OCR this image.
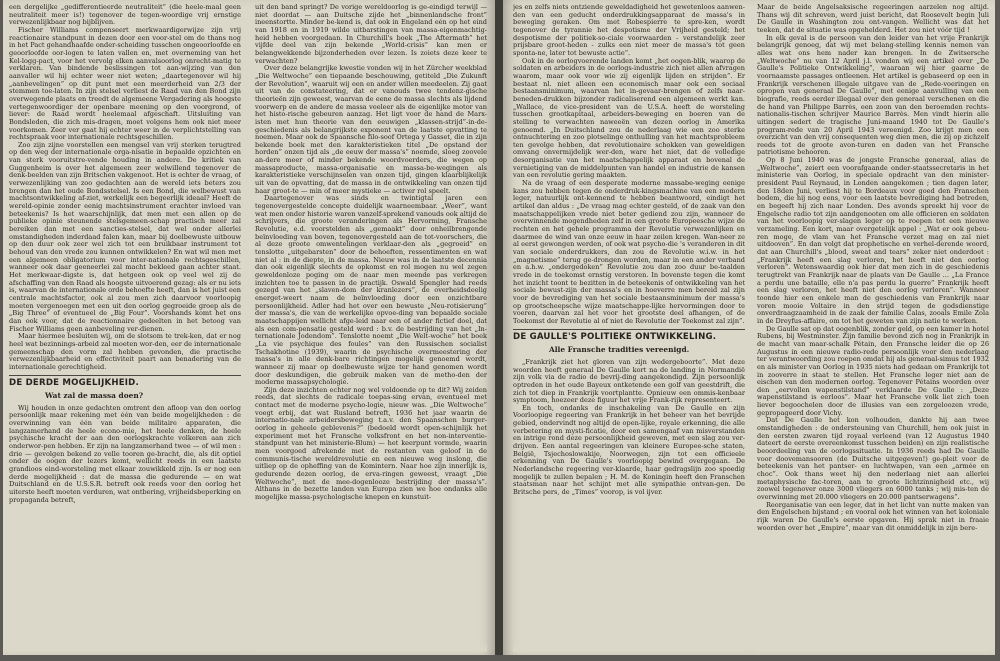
een dergelijke „gedifferentieerde neutraliteit” (die heele-maal geen neutraliteit meer is!) tegenover de tegen-woordige vrij ernstige verwezenlijkbaar nog bijblijven.

Fischer Williams compenseert merkwaardigerwijze zijn vrij reactionaire standpunt in dezen door een voor-stel om de thans nog in het Pact gehandhaafde onder-scheiding tusschen ongeoorloofde en geoorloofde oor-logen te laten vallen en, met overneming van het Kel-logg-pact, voor het vervolg elken aanvalsoorlog onrecht-matig te verklaren. Van bindende beslissingen tot aan-wijzing van den aanvaller wil hij echter weer niet weten; „daartegenover wil hij „aanbevelingen” op dit punt met een meerderheid van 2/3 der stemmen toe-laten. In zijn stelsel verliest de Raad van den Bond zijn overwegende plaats en treedt de algemeene Vergadering als hoogste vertegenwoordiger der openbare meening op den voorgrond, of liever: de Raad wordt heelemaal afgeschaft. Uitsluiting van Bondsleden, die zich mis-dragen, moet volgens hem ook niet meer voorkomen. Zeer ver gaat hij echter weer in de verplichtstelling van rechtspraak voor internationale rechtsgeschillen.

Zoo zijn zijne voorstellen een mengsel van vrij sterken terugtred op den weg der internationale orga-nisatie in bepaalde opzichten en van sterk vooruitstre-vende houding in andere. De kritiek van Guggenheim is over het algemeen zeer welwillend tegenover de denk-beelden van zijn Britschen vakgenoot. Het is echter de vraag, of verwezenlijking van zoo gedachten aan de wereld iets beters zou brengen dan het oude Bondsstelsel. Is een Bond, die welbewust van machtsontwikkeling af-ziet, werkelijk een begeerlijk ideaal? Heeft de wereld-opinie zonder eenig machtsinstrument erachter invloed van beteekenis? Is het waarschijnlijk, dat men met een allen op de publieke opinie steunende stelsgemeen-schap practisch meer zal bereiken dan met een sancties-stelsel, dat wel onder allerlei omstandigheden inderdaad falen kan, maar bij doelbewuste uitbouw op den duur ook zeer wel zich tot een bruikbaar instrument tot behoud van den vrede zou kunnen ontwikkelen? En wat wil men met een algemeen obligatorium voor inter-nationale rechtsgeschillen, wanneer ook daar geeneerlei zal macht bekleed gaan achter staat. Het merkwaar-digste is, dat hetgeen ook op veel wel zij de afschaffing van den Raad als hoogste uitvoerend gezag: als er nu iets is, waarvan de internationale orde behoefte heeft, dan is het juist een centrale machtsfactor, ook al zou men zich daarvoor voorloopig moeten vergenoegen met een uit den oorlog gegroeide groep als de „Big Three” of eventueel de „Big Four”. Voorshands komt het ons dan ook voor, dat de reactionnaire gedeelten in het betoog van Fischer Williams geen aanbeveling ver-dienen.

Maar hiermee besluiten wij, om de slotsom te trek-ken, dat er nog heel wat bezinnings-arbeid zal moeten wor-den, eer de internationale gemeenschap den vorm zal hebben gevonden, die practische verwezenlijkbaarheid en effectiviteit paart aan benadering van de internationale gerechtigheid.

DE DERDE MOGELIJKHEID.
Wat zal de massa doen?

Wij houden in onze gedachten omtrent den afloop van den oorlog persoonlijk maar rekening met één van beide mogelijkheden : de overwinning van één van beide militaire apparaten, die langzamerhand de heele econo-mie, het heele denken, de heele psychische kracht der aan den oorlogskrachte volkeren aan zich onderwor-pen hebben. Er zijn na langzamerhand twee — of wil men : drie — gevolgen bekend zo velle tooren ge-bracht, die, als dit optiel onder de oogen der lezers komt, wellicht reeds in een laatste grandioos eind-worsteling met elkaar zouwikkeld zijn. Is er nog een derde mogelijkheid : dat de massa die gedurende — en wat Duitschland en de U.S.S.R. betreft ook reeds voor den oorlog het uiterste heeft moeten verduren, wat ontbering, vrijheidsbeperking en propaganda betreft,

uit den band springt? De vorige wereldoorlog is ge-eindigd terwijl — niet doordat — aan Duitsche zijde het „binnenlandsche front” ineenstortte. Minder be-kend is, dat ook in Engeland eén op het eind van 1918 en in 1919 wilde uitbarstingen van massa-eigenmachtig-heid hebben voorgedaan. In Churchill's boek „The Aftermath” het vijfde deel van zijn bekende „World-crisis” kan men er belangwekkende bijzonderheden over lezen. Is zoiets deze keer te verwachten?

Over deze belangrijke kwestie vonden wij in het Zürcher weekblad „Die Weltwoche” een tiepaande beschouwing, getiteld „Die Zukunft der Revolution”, waaruit wij een en ander willen meedeelen. Zij gaat uit van de constateering, dat er vanouds twee tendenz-gische theorieën zijn geweest, waarvan de eene de massa slechts als lijdend voorwerp en de andere de massa veeleer als de eigenlijke motor van het histo-rische gebeuren aanzag. Het ligt voor de hand de Marx-isten met hun theorie van den eeuwigen „klassen-strijd”-in-de-geschiedenis als belangrijkste exponent van de laatste opvatting te noemen. Maar ook de Spaansche filo-soof Ortega y Gasset, die in zijn bekende boek met den karakteristieken titel „De opstand der horden” onzen tijd als „de eeuw der massa's” noemde, sloeg zoovele an-dere meer of minder bekende woordvoerders, die wegen op massaproducte, massa-organisatie en massa-be-wegingen als karakteristieke verschijnselen van onzen tijd, gingen klaarblijkelijk uit van de opvatting, dat de massa in de ontwikkeling van onzen tijd haar groot-te — min of meer mystieke — activer rol speelt.

Daartegenover was sinds en twintigtal jaren een tegenovergestelde concepte duidelijk waarneembaar. „Weer”, want wat men onder historie waren vanzelf-sprekend vanouds ook altijd de schrijvers, die groote veranderingen als Hervorming, Fransche Revolutie, e.d. voorstelden als „gemaakt” door onheilbrengende beïnvloeding van boven, tegenovergesteld aan de tot-voorschers, die al deze groote omwentelingen verklaar-den als „gegroeid” en tenslotte „uitgebarsten” door de behoeften, ressentimenten en wat niet al : in de diepte, in de massa. Nieuw was in de laatste decennia dan ook eigenlijk slechts de opkomst en rol mogen nu wel zegen geweldenloze poging om de naar men meende pas verkregen inzichten toe te passen in de practijk. Oswald Spengler had reeds gezegd van het „slaven-dom der kranlezers”, de overheidsdeelig energet-weert naam de beïnvloeding door een onzichtbare persoonlijkheid. Adler had het over een bewuste „Neu-rotisierung” der massa's, die van de werkelijke opvoe-ding van bepaalde sociale maatschappijen wellicht afge-leid naar een of ander fictief doel, dat als een com-pensatie gesteld werd : b.v. de bestrijding van het „In-ternationale Jodendom”. Tenslotte noemt „Die Welt-woche” het boek „La vie psychique des foules” van den Russischen socialist Tschakhotine (1939), waarin de psychische overmeestering der massa's in alle denk-bare richtingen mogelijk genoemd wordt, wanneer zij maar op doelbewuste wijze ter hand genomen wordt door deskundigen, die gebruik maken van de metho-den der moderne massapsychologie.

Zijn deze inzichten echter nog wel voldoende op te dit? Wij zeiden reeds, dat slechts de radicale toepas-sing ervan, eventueel met contact met de moderne psycho-logie, nieuw was. „Die Weltwoche” voegt erbij, dat wat Rusland betreft, 1936 het jaar waarin de internatio-nale arbeidersbeweging t.a.v. den Spaanschen burger-oorlog in geheele geblevenis?” (bedoeld wordt open-schijnlijk het experiment met het Fransche volksfront en het non-interventie-standpunt van het ministerie-Blum) — het keerpunt vormde, waarin men voorgoed afrekende met de restanten van geloof in de communis-tische wereldrevolutie en een nieuwe weg inslong, die uitliep op de opheffing van de Komintern. Naar hoe zijn innerlijk is, gedurende dezen oorlog, de erva-ringen geweest, vraagt „Die Weltwoche”, met de mee-dogenlooze bestrijding der massa's”. Althans in de bezette landen van Europa zien we hoe ondanks alle mogelijke massa-psychologische knepen en kunstuit-

jes en zelfs niets ontziende geweldadigheid het gewetenloos aanwen-den van een geducht onderdrukkingsapparaat de massa's in beweging geraken. Om met Robespierre te spre-ken, wordt tegenover de tyrannie het despotisme der Vrijheid gesteld; het despotisme der politiek-so-ciale voorwaarden - verstandelijk zeer prijsbare groot-heden - zulks een niet meer de massa's tot geen sponta-ne, later tot bewuste actie”.

Ook in de oorlogvoerende landen komt „het oogen-blik, waarop de soldaten en arbeiders in de oorlogs-industrie zich niet allen afvragen waarom, maar ook voor wie zij eigenlijk lijden en strijden”. Er bestaat nl. niet alleen een economisch maar ook een sociaal bestaansminimum, waarvan het in-gevaar-brengen of zelfs naar-beneden-drukken bijzonder radicaliserend een algemeen werkt kan. „Wallace, de vice-president van de U.S.A. heeft de worsteling tusschen grootkapitaal, arbeiders-beweging en boeren van de stelling te verwachten naweeën van dezen oorlog in Amerika genoemd. „In Duitschland zou de nederlaag wie een zoo sterke ontnuchtering en zoo plotselinge onthulling van het machtsprobleem ten gevolge hebben, dat revolutionaire schokken van geweldigen omvang onvermijdelijk wer-den, ware het niet, dat de volledige desorganisatie van het maatschappelijk apparaat en bovenal de vernietiging van de middelpunten van handel en industrie de kansen van een revolutie gering maakten.

Na de vraag of een desperate moderne massabe-weging eenige kans zou hebben tegen de onderdruk-kingsmachine van een modern leger, natuurlijk ont-kennend te hebben beantwoord, eindigt het artikel dan aldus : „De vraag mag echter gesteld, of de zaak van den maatschappelijken vrede niet beter gediend zou zijn, wanneer de overwinnende mogendheden zelf in een groote Europeesche wijze de rechten en het gehele programma der Revolutie verwezenlijken en daarmee de wind van onze eeuw in haar zeilen kregen. Wan-neer ze al eerst gewongen werden, of ook wat psycho-die 's veranderen in dit van sociale onderdrukkers, dan zou de Revolutie w.i.w. in het „magnetisme” terug ge-drongen worden, maar in een ander verband en a.h.w. „ondergedoken” Revolutie zou dan zoo duur be-taalden vrede in de toekomst ernstig verstoren. In bovenste tegen die komt het inzicht toont te bezitten in de beteekenis of ontwikkeling van het sociale bewust-zijn der massa's en in hoeverre men bereid zal zijn voor de bevrediging van het sociale bestaansminimum der massa's op grootscheepsche wijze maatschappe-lijke hervormingen door te voeren, daarvan zal het voor het grootste deel afhangen, of de Toekomst der Revolutie al of niet de Revolutie der Toekomst zal zijn”.

DE GAULLE'S POLITIEKE ONTWIKKELING.
Alle Fransche tradities vereenigd.

„Frankrijk ziet het gloren van zijn wedergeboorte”. Met deze woorden heeft generaal De Gaulle kort na de landing in Normandië zijn volk via de radio de bevrij-ding aangekondigd. Zijn persoonlijk optreden in het oude Bayeux ontketende een golf van geestdrift, die zich tot diep in Frankrijk voortplantte. Opnieuw een ommis-kenbaar symptoom, hoezeer deze figuur het vrije Frank-rijk representeert.

En toch, ondanks de inschakeling van De Gaulle en zijn Voorloopige regeering van Frankrijk in het beheer van het bevrijde gebied, ondervindt nog altijd de open-lijke, royale erkenning, die alle verbetering en mysti-ficatie, door een samengaaf van misverstanden en intrige rond deze persoonlijkheid geweven, met een slag zou ver-drijven. Een aantal regeeringen van kleinere Europee-sche staten, België, Tsjechoslowakije, Noorwegen, zijn tot een officieele erkenning van De Gaulle's voorloopig bewind overgegaan. De Nederlandsche regeering ver-klaarde, haar gedragslijn zoo spoedig mogelijk te zullen bepalen ; H. M. de Koningin heeft den Franschen staatsman naar het schijnt met alle sympathie ontvan-gen. De Britsche pers, de „Times” voorop, is vol ijver.

Maar de beide Angelsaksische regeeringen aarzelen nog altijd. Thans wij dit schreven, werd juist bericht, dat Roosevelt begin Juli De Gaulle in Washington zou ont-vangen. Wellicht was dat het teeken, dat de situatie was opgehelderd. Het zou niet vóór tijd !

In elk geval is de persoon van den leider van het vrije Frankrijk belangrijk genoeg, dat wij met belang-stelling kennis nemen van alles wat ons hem nader kan brengen. In de Zwitsersche „Weltwoche” nu van 12 April j.l. vonden wij een artikel over „De Gaulle's Politieke Ontwikkeling”, waaraan wij hier gaarne de voornaamste passages ontleenen. Het artikel is gebaseerd op een in Frankrijk verschenen illegale uitgave van de „Rede-voeringen en opropen van generaal De Gaulle”, met eenige aanvulling van een biografie, reeds eerder illegaal over den generaal verschenen en die de hand van Philippe Barrès, een zoon van den beroemden rechts-nationalis-tischen schrijver Maurice Barrès. Men vindt hierin alle uitingen sedert de tragische Juni-maand 1940 tot De Gaulle's program-rede van 20 April 1943 vereenigd. Zoo krijgt men een overzicht van den vrij consequenten weg dien men, die zij op zichzelf reeds tot de groote avon-turen en daden van het Fransche patriotisme behooren.

Op 8 Juni 1940 was de jongste Fransche generaal, alias de „Weltwoche”, zeiert een voorafgaande onder-staatssecretaris in het ministerie van Oorlog, in speciale opdracht van den minister-president Paul Reynaud, in Londen aangekomen ; tien dagen later, den 18den Juni, verliest hij te Bordeaux voor goed den Franschen bodem, die hij nog eens, voor een laatste bevrediging had betreden, en begeeft hij zich naar Londen. Des avonds spreekt hij voor de Engelsche radio tot zijn aandgenooten om alle officieren en soldaten van het voorloopig ver-slagen leger op te roepen tot een nieuwe verzameling. Een kort, maar overgetelijk appel : „Wat er ook gebeu-ren moge, de vlam van het Fransche verzet mag en zal niet uitdooven”. En dan volgt dat prophetische en verhel-derende woord, dat aan Churchill's „blood, sweat and tears” zeker niet onderdoet : „Frankrijk heeft een slag verloren, het heeft niet den oorlog verloren”. Wetenswaardig ook hier dat men zich in de geschiedenis terugtrekt van Frankrijk naar de plaats van De Gaulle ... „La France a perdu une bataille, elle n'a pas perdu la guerre” Frankrijk heeft een slag verloren, het heeft niet den oorlog verloren”. Wanneer toonde hier een enkele man de geschiedenis van Frankrijk naar voren mooie Voltaire in den strijd tegen de godsdienstige onverdraagzaamheid in de zaak der familie Calas, zooals Emile Zola in de Dreyfus-affaire, om tot het geweten van zijn natie te werken.

De Gaulle sat op dat oogenblik, zonder geld, op een kamer in hotel Rubens, bij Westminster. Zijn familie bevond zich nog in Frankrijk in de macht van maar-schalk Pétain, den Fransche leider die op 26 Augustus in een nieuwe radio-rede persoonlijk voor den nederlaag ter verantwoording zou roepen omdat hij als generaal-simus tot 1932 en als minister van Oorlog in 1935 niets had gedaan om Frankrijk tot in zooverre in staat te stellen. Het Fransche leger niet aan de eischen van den modernen oorlog. Tegenover Pétains woorden over den „eervollen wapenstilstand” verklaarde De Gaulle : „Deze wapenstilstand is eerloos”. Maar het Fransche volk liet zich toen liever begoochelen door de illusies van een zorgeloozen vrede, gepropageerd door Vichy.

Dat De Gaulle het kon volhouden, dankte hij aan twee omstandigheden : de ondersteuning van Churchill, hem ook juist in den eersten zwaren tijd royaal verleend (van 12 Augustus 1940 dateert de eerste overeenkomst tusschen beiden) en zijn realistische beoordeeling van de oorlogssituatie. In 1936 reeds had De Gaulle voor doovemansooren (de Duitsche uitgegeven!) ge-pleit voor de beteekenis van het pantser- en luchtwapen, van een „armée en choc”. Ook thans weet hij den nederlaag niet aan allerlei metaphysische fac-toren, aan te groote lichtzinnigheid etc., wij zoowel tegenover onze 3000 vliegers en 6000 tanks ; wij mis-ten de overwinning met 20.000 vliegers en 20.000 pantserwagens”.

Reorganisatie van een leger, dat in het licht van nutte maken van den Engelschen bijstand ; en vooral ook het winnen van het koloniale rijk waren De Gaulle's eerste opgaven. Hij sprak niet in fraaie woorden over het „Empire”, maar van dit onmiddelijk in zijn bere-
